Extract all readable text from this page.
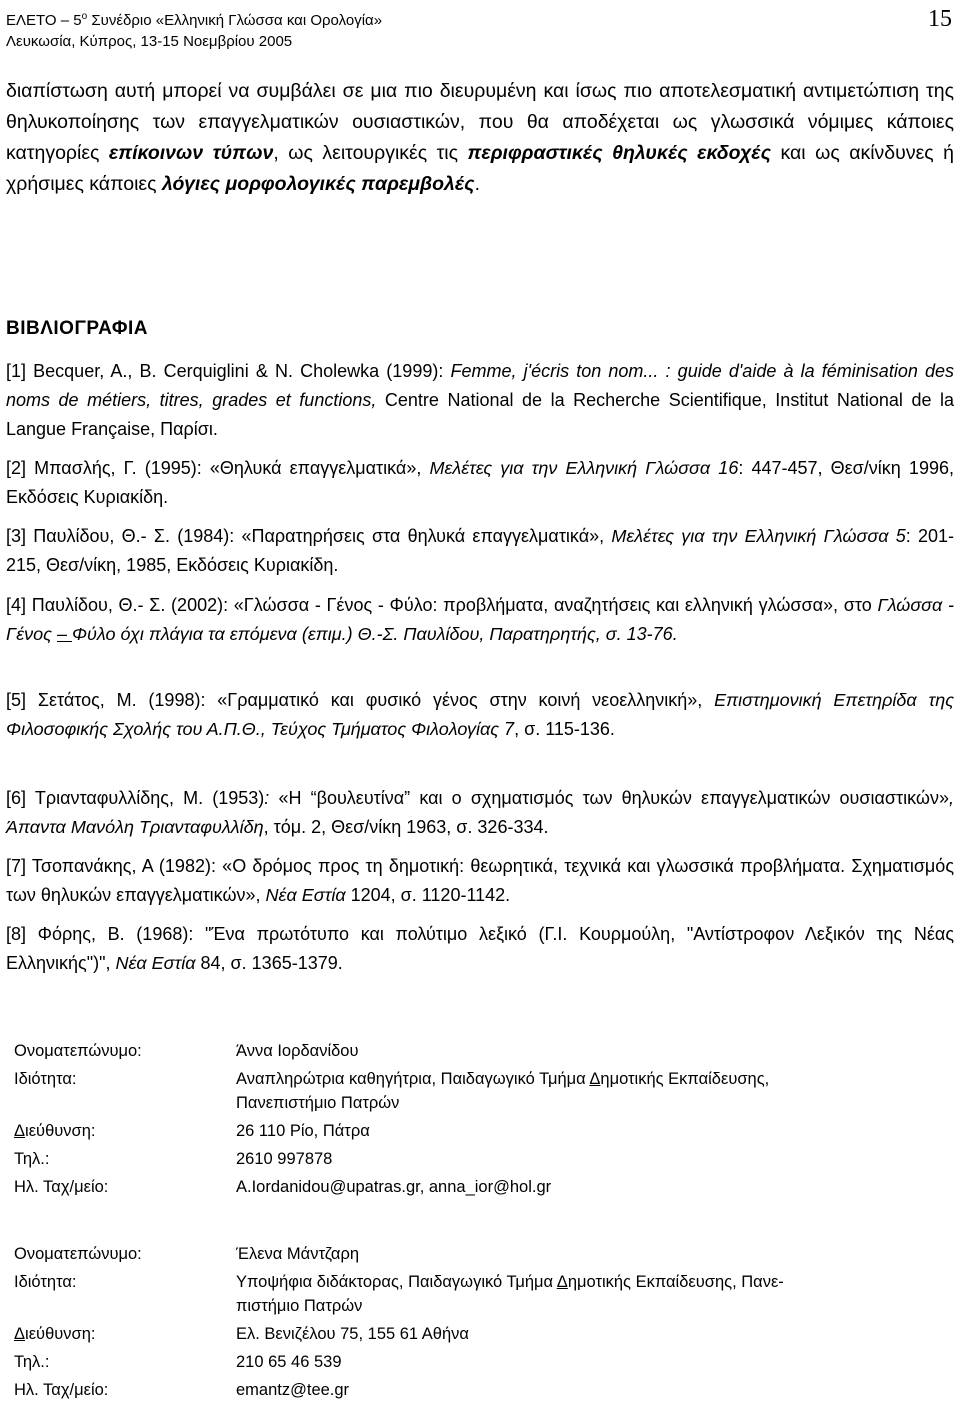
ΕΛΕΤΟ – $5^o$ Συνέδριο «Ελληνική Γλώσσα και Ορολογία»
Λευκωσία, Κύπρος, 13-15 Νοεμβρίου 2005
15
διαπίστωση αυτή μπορεί να συμβάλει σε μια πιο διευρυμένη και ίσως πιο αποτελεσματική αντιμετώπιση της θηλυκοποίησης των επαγγελματικών ουσιαστικών, που θα αποδέχεται ως γλωσσικά νόμιμες κάποιες κατηγορίες επίκοινων τύπων, ως λειτουργικές τις περιφραστικές θηλυκές εκδοχές και ως ακίνδυνες ή χρήσιμες κάποιες λόγιες μορφολογικές παρεμβολές.
ΒΙΒΛΙΟΓΡΑΦΙΑ
[1] Becquer, A., B. Cerquiglini & N. Cholewka (1999): Femme, j'écris ton nom... : guide d'aide à la féminisation des noms de métiers, titres, grades et functions, Centre National de la Recherche Scientifique, Institut National de la Langue Française, Παρίσι.
[2] Μπασλής, Γ. (1995): «Θηλυκά επαγγελματικά», Μελέτες για την Ελληνική Γλώσσα 16: 447-457, Θεσ/νίκη 1996, Εκδόσεις Κυριακίδη.
[3] Παυλίδου, Θ.- Σ. (1984): «Παρατηρήσεις στα θηλυκά επαγγελματικά», Μελέτες για την Ελληνική Γλώσσα 5: 201-215, Θεσ/νίκη, 1985, Εκδόσεις Κυριακίδη.
[4] Παυλίδου, Θ.- Σ. (2002): «Γλώσσα - Γένος - Φύλο: προβλήματα, αναζητήσεις και ελληνική γλώσσα», στο Γλώσσα - Γένος – Φύλο όχι πλάγια τα επόμενα (επιμ.) Θ.-Σ. Παυλίδου, Παρατηρητής, σ. 13-76.
[5] Σετάτος, Μ. (1998): «Γραμματικό και φυσικό γένος στην κοινή νεοελληνική», Επιστημονική Επετηρίδα της Φιλοσοφικής Σχολής του Α.Π.Θ., Τεύχος Τμήματος Φιλολογίας 7, σ. 115-136.
[6] Τριανταφυλλίδης, Μ. (1953): «Η “βουλευτίνα” και ο σχηματισμός των θηλυκών επαγγελματικών ουσιαστικών», Άπαντα Μανόλη Τριανταφυλλίδη, τόμ. 2, Θεσ/νίκη 1963, σ. 326-334.
[7] Τσοπανάκης, Α (1982): «Ο δρόμος προς τη δημοτική: θεωρητικά, τεχνικά και γλωσσικά προβλήματα. Σχηματισμός των θηλυκών επαγγελματικών», Νέα Εστία 1204, σ. 1120-1142.
[8] Φόρης, Β. (1968): "Ένα πρωτότυπο και πολύτιμο λεξικό (Γ.Ι. Κουρμούλη, "Αντίστροφον Λεξικόν της Νέας Ελληνικής")", Νέα Εστία 84, σ. 1365-1379.
Ονοματεπώνυμο:	Άννα Ιορδανίδου
Ιδιότητα:	Αναπληρώτρια καθηγήτρια, Παιδαγωγικό Τμήμα Δημοτικής Εκπαίδευσης,
Πανεπιστήμιο Πατρών
Διεύθυνση:	26 110 Ρίο, Πάτρα
Τηλ.:	2610 997878
Ηλ. Ταχ/μείο:	A.Iordanidou@upatras.gr, anna_ior@hol.gr
Ονοματεπώνυμο:	Έλενα Μάντζαρη
Ιδιότητα:	Υποψήφια διδάκτορας, Παιδαγωγικό Τμήμα Δημοτικής Εκπαίδευσης, Πανε-
πιστήμιο Πατρών
Διεύθυνση:	Ελ. Βενιζέλου 75, 155 61 Αθήνα
Τηλ.:	210 65 46 539
Ηλ. Ταχ/μείο:	emantz@tee.gr
